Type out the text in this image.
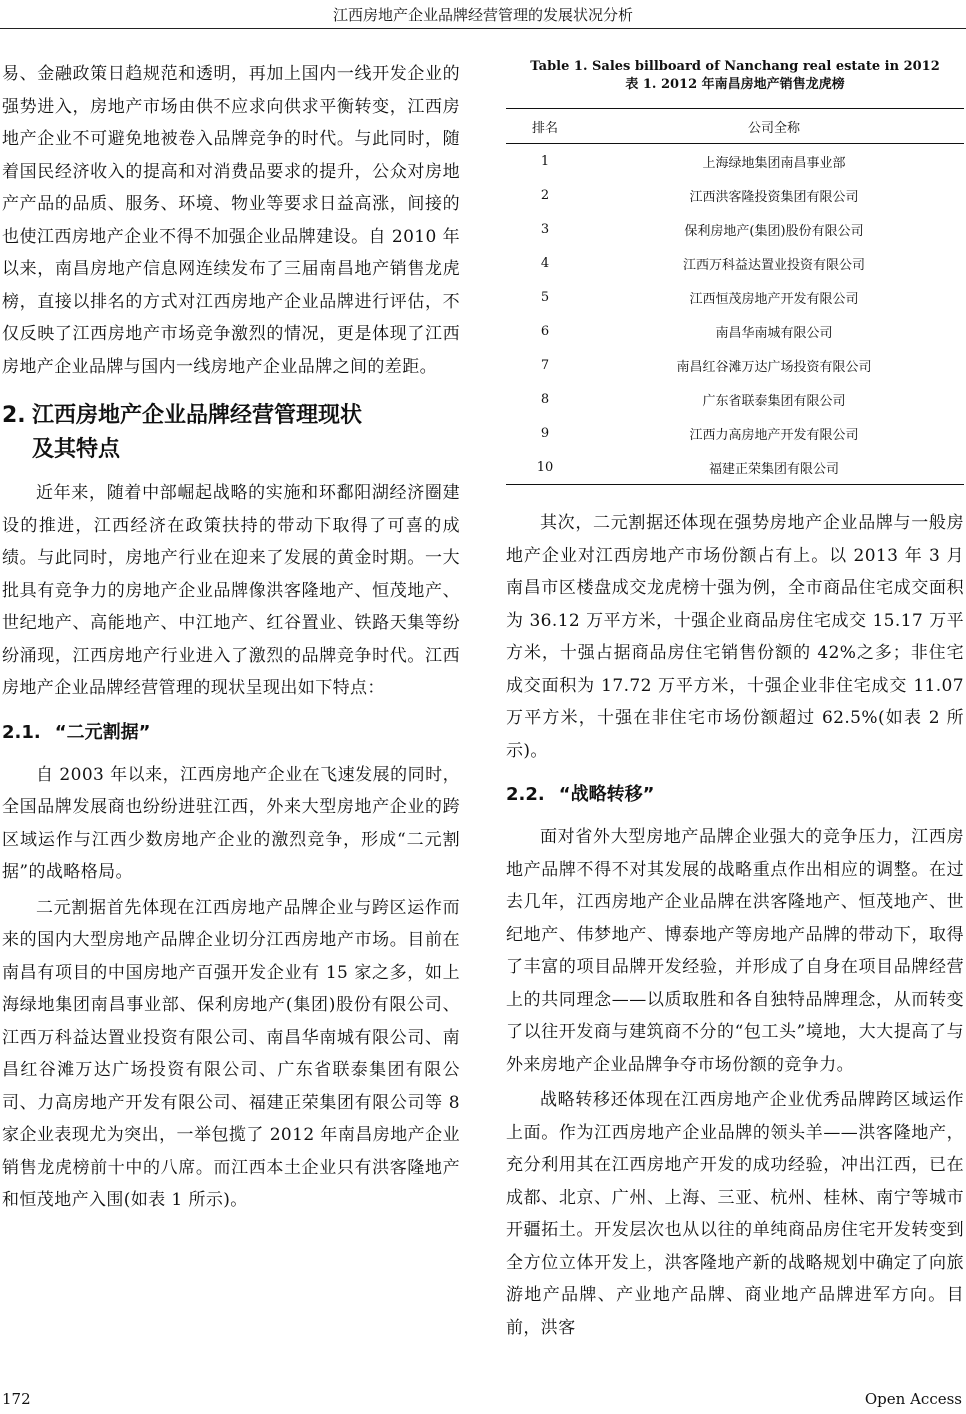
江西房地产企业品牌经营管理的发展状况分析

易、金融政策日趋规范和透明，再加上国内一线开发企业的强势进入，房地产市场由供不应求向供求平衡转变，江西房地产企业不可避免地被卷入品牌竞争的时代。与此同时，随着国民经济收入的提高和对消费品要求的提升，公众对房地产产品的品质、服务、环境、物业等要求日益高涨，间接的也使江西房地产企业不得不加强企业品牌建设。自 2010 年以来，南昌房地产信息网连续发布了三届南昌地产销售龙虎榜，直接以排名的方式对江西房地产企业品牌进行评估，不仅反映了江西房地产市场竞争激烈的情况，更是体现了江西房地产企业品牌与国内一线房地产企业品牌之间的差距。

2. 江西房地产企业品牌经营管理现状
及其特点

近年来，随着中部崛起战略的实施和环鄱阳湖经济圈建设的推进，江西经济在政策扶持的带动下取得了可喜的成绩。与此同时，房地产行业在迎来了发展的黄金时期。一大批具有竞争力的房地产企业品牌像洪客隆地产、恒茂地产、世纪地产、高能地产、中江地产、红谷置业、铁路天集等纷纷涌现，江西房地产行业进入了激烈的品牌竞争时代。江西房地产企业品牌经营管理的现状呈现出如下特点：

2.1. “二元割据”

自 2003 年以来，江西房地产企业在飞速发展的同时，全国品牌发展商也纷纷进驻江西，外来大型房地产企业的跨区域运作与江西少数房地产企业的激烈竞争，形成“二元割据”的战略格局。

二元割据首先体现在江西房地产品牌企业与跨区运作而来的国内大型房地产品牌企业切分江西房地产市场。目前在南昌有项目的中国房地产百强开发企业有 15 家之多，如上海绿地集团南昌事业部、保利房地产(集团)股份有限公司、江西万科益达置业投资有限公司、南昌华南城有限公司、南昌红谷滩万达广场投资有限公司、广东省联泰集团有限公司、力高房地产开发有限公司、福建正荣集团有限公司等 8 家企业表现尤为突出，一举包揽了 2012 年南昌房地产企业销售龙虎榜前十中的八席。而江西本土企业只有洪客隆地产和恒茂地产入围(如表 1 所示)。

Table 1. Sales billboard of Nanchang real estate in 2012
表 1. 2012 年南昌房地产销售龙虎榜
排名	公司全称
1	上海绿地集团南昌事业部
2	江西洪客隆投资集团有限公司
3	保利房地产(集团)股份有限公司
4	江西万科益达置业投资有限公司
5	江西恒茂房地产开发有限公司
6	南昌华南城有限公司
7	南昌红谷滩万达广场投资有限公司
8	广东省联泰集团有限公司
9	江西力高房地产开发有限公司
10	福建正荣集团有限公司

其次，二元割据还体现在强势房地产企业品牌与一般房地产企业对江西房地产市场份额占有上。以 2013 年 3 月南昌市区楼盘成交龙虎榜十强为例，全市商品住宅成交面积为 36.12 万平方米，十强企业商品房住宅成交 15.17 万平方米，十强占据商品房住宅销售份额的 42%之多；非住宅成交面积为 17.72 万平方米，十强企业非住宅成交 11.07 万平方米，十强在非住宅市场份额超过 62.5%(如表 2 所示)。

2.2. “战略转移”

面对省外大型房地产品牌企业强大的竞争压力，江西房地产品牌不得不对其发展的战略重点作出相应的调整。在过去几年，江西房地产企业品牌在洪客隆地产、恒茂地产、世纪地产、伟梦地产、博泰地产等房地产品牌的带动下，取得了丰富的项目品牌开发经验，并形成了自身在项目品牌经营上的共同理念——以质取胜和各自独特品牌理念，从而转变了以往开发商与建筑商不分的“包工头”境地，大大提高了与外来房地产企业品牌争夺市场份额的竞争力。

战略转移还体现在江西房地产企业优秀品牌跨区域运作上面。作为江西房地产企业品牌的领头羊——洪客隆地产，充分利用其在江西房地产开发的成功经验，冲出江西，已在成都、北京、广州、上海、三亚、杭州、桂林、南宁等城市开疆拓土。开发层次也从以往的单纯商品房住宅开发转变到全方位立体开发上，洪客隆地产新的战略规划中确定了向旅游地产品牌、产业地产品牌、商业地产品牌进军方向。目前，洪客

172	Open Access
